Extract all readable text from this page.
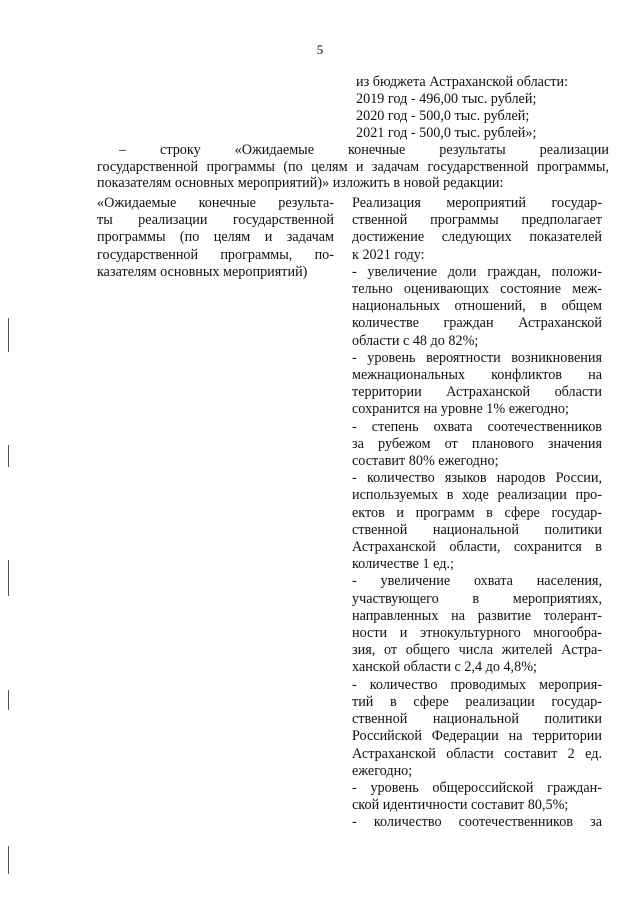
5
из бюджета Астраханской области:
2019 год - 496,00 тыс. рублей;
2020 год - 500,0 тыс. рублей;
2021 год - 500,0 тыс. рублей»;
– строку «Ожидаемые конечные результаты реализации
государственной программы (по целям и задачам государственной программы,
показателям основных мероприятий)» изложить в новой редакции:
«Ожидаемые конечные результа-
ты реализации государственной
программы (по целям и задачам
государственной программы, по-
казателям основных мероприятий)
Реализация мероприятий государ-
ственной программы предполагает
достижение следующих показателей
к 2021 году:
- увеличение доли граждан, положи-
тельно оценивающих состояние меж-
национальных отношений, в общем
количестве граждан Астраханской
области с 48 до 82%;
- уровень вероятности возникновения
межнациональных конфликтов на
территории Астраханской области
сохранится на уровне 1% ежегодно;
- степень охвата соотечественников
за рубежом от планового значения
составит 80% ежегодно;
- количество языков народов России,
используемых в ходе реализации про-
ектов и программ в сфере государ-
ственной национальной политики
Астраханской области, сохранится в
количестве 1 ед.;
- увеличение охвата населения,
участвующего в мероприятиях,
направленных на развитие толерант-
ности и этнокультурного многообра-
зия, от общего числа жителей Астра-
ханской области с 2,4 до 4,8%;
- количество проводимых мероприя-
тий в сфере реализации государ-
ственной национальной политики
Российской Федерации на территории
Астраханской области составит 2 ед.
ежегодно;
- уровень общероссийской граждан-
ской идентичности составит 80,5%;
- количество соотечественников за
